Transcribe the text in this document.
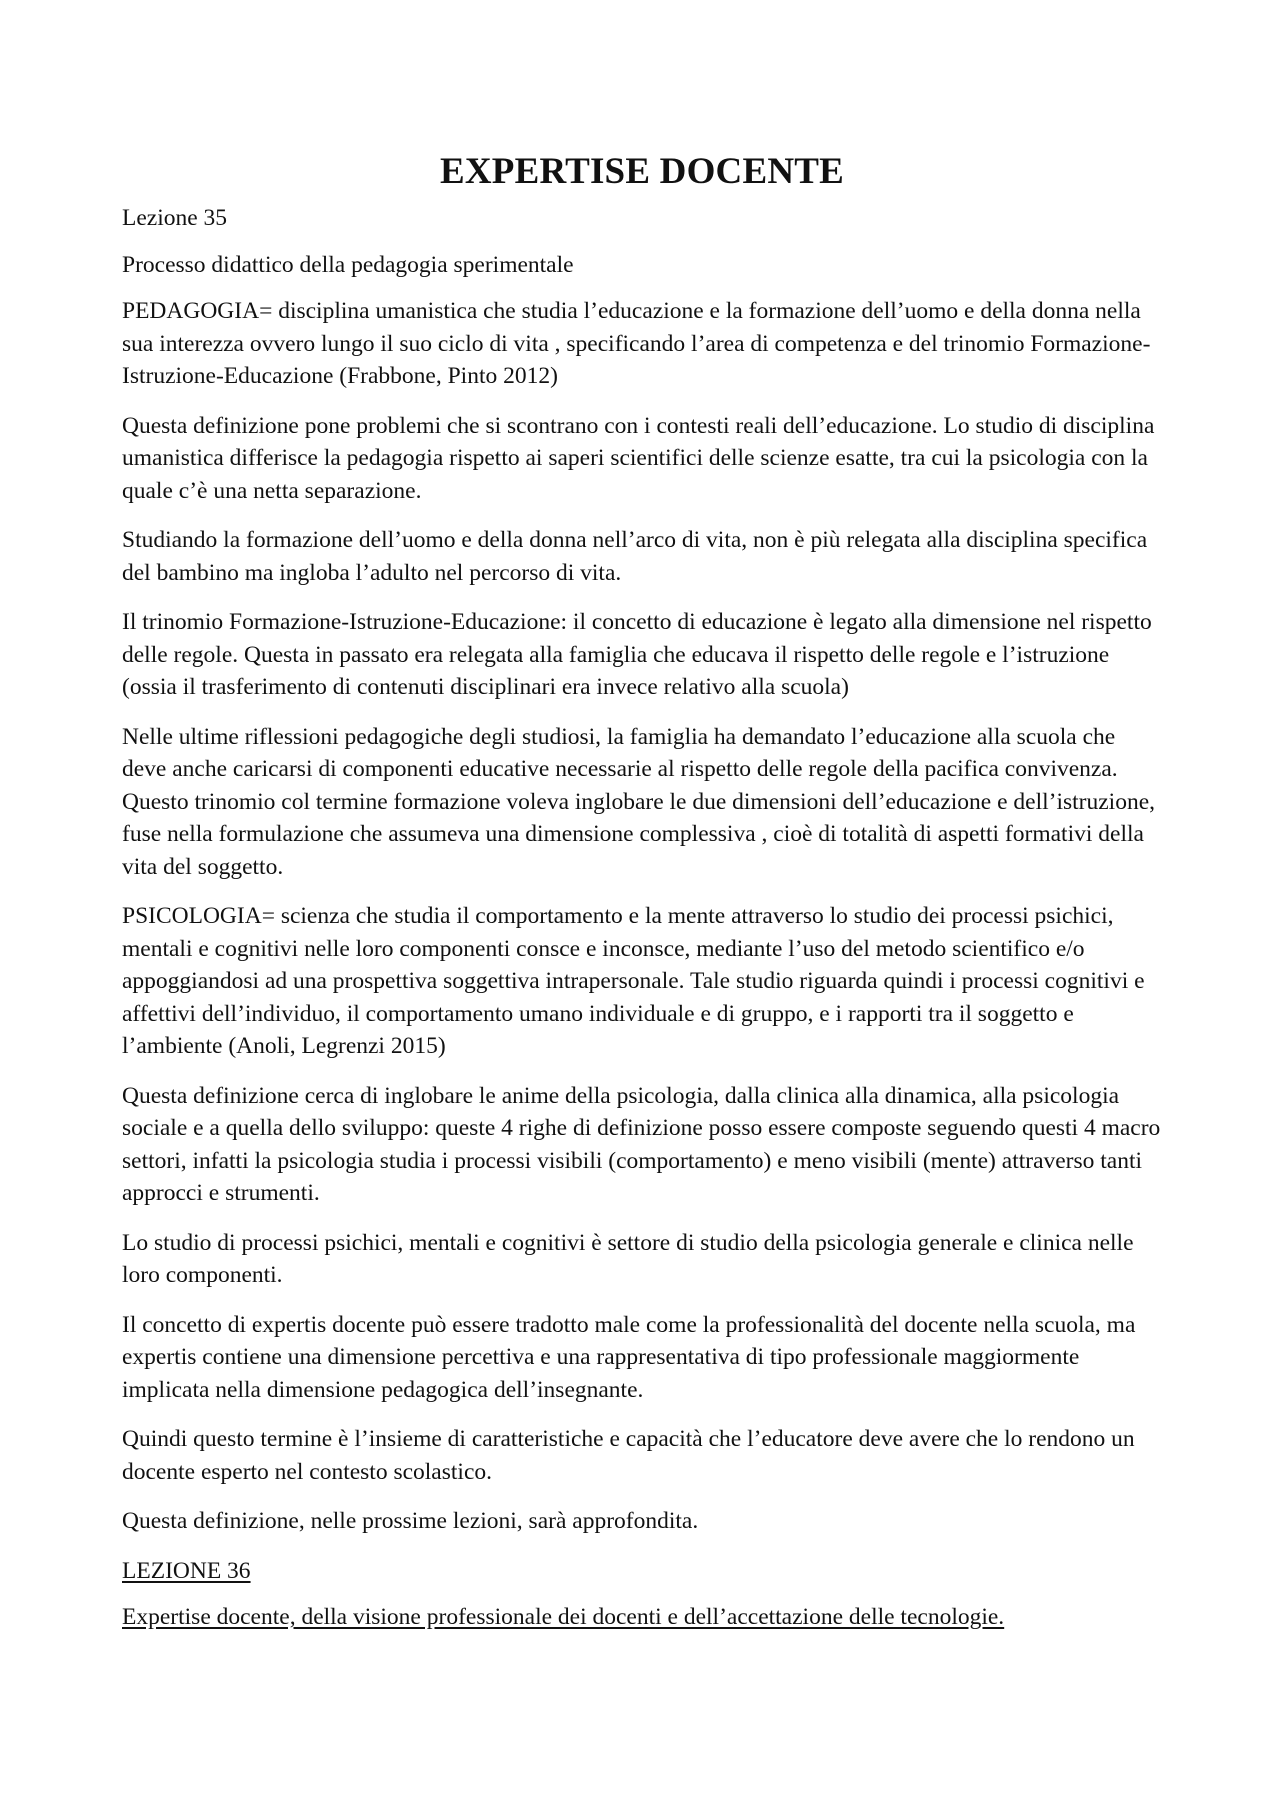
EXPERTISE DOCENTE

Lezione 35

Processo didattico della pedagogia sperimentale

PEDAGOGIA= disciplina umanistica che studia l’educazione e la formazione dell’uomo e della donna nella sua interezza ovvero lungo il suo ciclo di vita , specificando l’area di competenza e del trinomio Formazione-Istruzione-Educazione (Frabbone, Pinto 2012)

Questa definizione pone problemi che si scontrano con i contesti reali dell’educazione. Lo studio di disciplina umanistica differisce la pedagogia rispetto ai saperi scientifici delle scienze esatte, tra cui la psicologia con la quale c’è una netta separazione.

Studiando la formazione dell’uomo e della donna nell’arco di vita, non è più relegata alla disciplina specifica del bambino ma ingloba l’adulto nel percorso di vita.

Il trinomio Formazione-Istruzione-Educazione: il concetto di educazione è legato alla dimensione nel rispetto delle regole. Questa in passato era relegata alla famiglia che educava il rispetto delle regole e l’istruzione (ossia il trasferimento di contenuti disciplinari era invece relativo alla scuola)

Nelle ultime riflessioni pedagogiche degli studiosi, la famiglia ha demandato l’educazione alla scuola che deve anche caricarsi di componenti educative necessarie al rispetto delle regole della pacifica convivenza. Questo trinomio col termine formazione voleva inglobare le due dimensioni dell’educazione e dell’istruzione, fuse nella formulazione che assumeva una dimensione complessiva , cioè di totalità di aspetti formativi della vita del soggetto.

PSICOLOGIA= scienza che studia il comportamento e la mente attraverso lo studio dei processi psichici, mentali e cognitivi nelle loro componenti consce e inconsce, mediante l’uso del metodo scientifico e/o appoggiandosi ad una prospettiva soggettiva intrapersonale. Tale studio riguarda quindi i processi cognitivi e affettivi dell’individuo, il comportamento umano individuale e di gruppo, e i rapporti tra il soggetto e l’ambiente (Anoli, Legrenzi 2015)

Questa definizione cerca di inglobare le anime della psicologia, dalla clinica alla dinamica, alla psicologia sociale e a quella dello sviluppo: queste 4 righe di definizione posso essere composte seguendo questi 4 macro settori, infatti la psicologia studia i processi visibili (comportamento) e meno visibili (mente) attraverso tanti approcci e strumenti.

Lo studio di processi psichici, mentali e cognitivi è settore di studio della psicologia generale e clinica nelle loro componenti.

Il concetto di expertis docente può essere tradotto male come la professionalità del docente nella scuola, ma expertis contiene una dimensione percettiva e una rappresentativa di tipo professionale maggiormente implicata nella dimensione pedagogica dell’insegnante.

Quindi questo termine è l’insieme di caratteristiche e capacità che l’educatore deve avere che lo rendono un docente esperto nel contesto scolastico.

Questa definizione, nelle prossime lezioni, sarà approfondita.

LEZIONE 36

Expertise docente, della visione professionale dei docenti e dell’accettazione delle tecnologie.
